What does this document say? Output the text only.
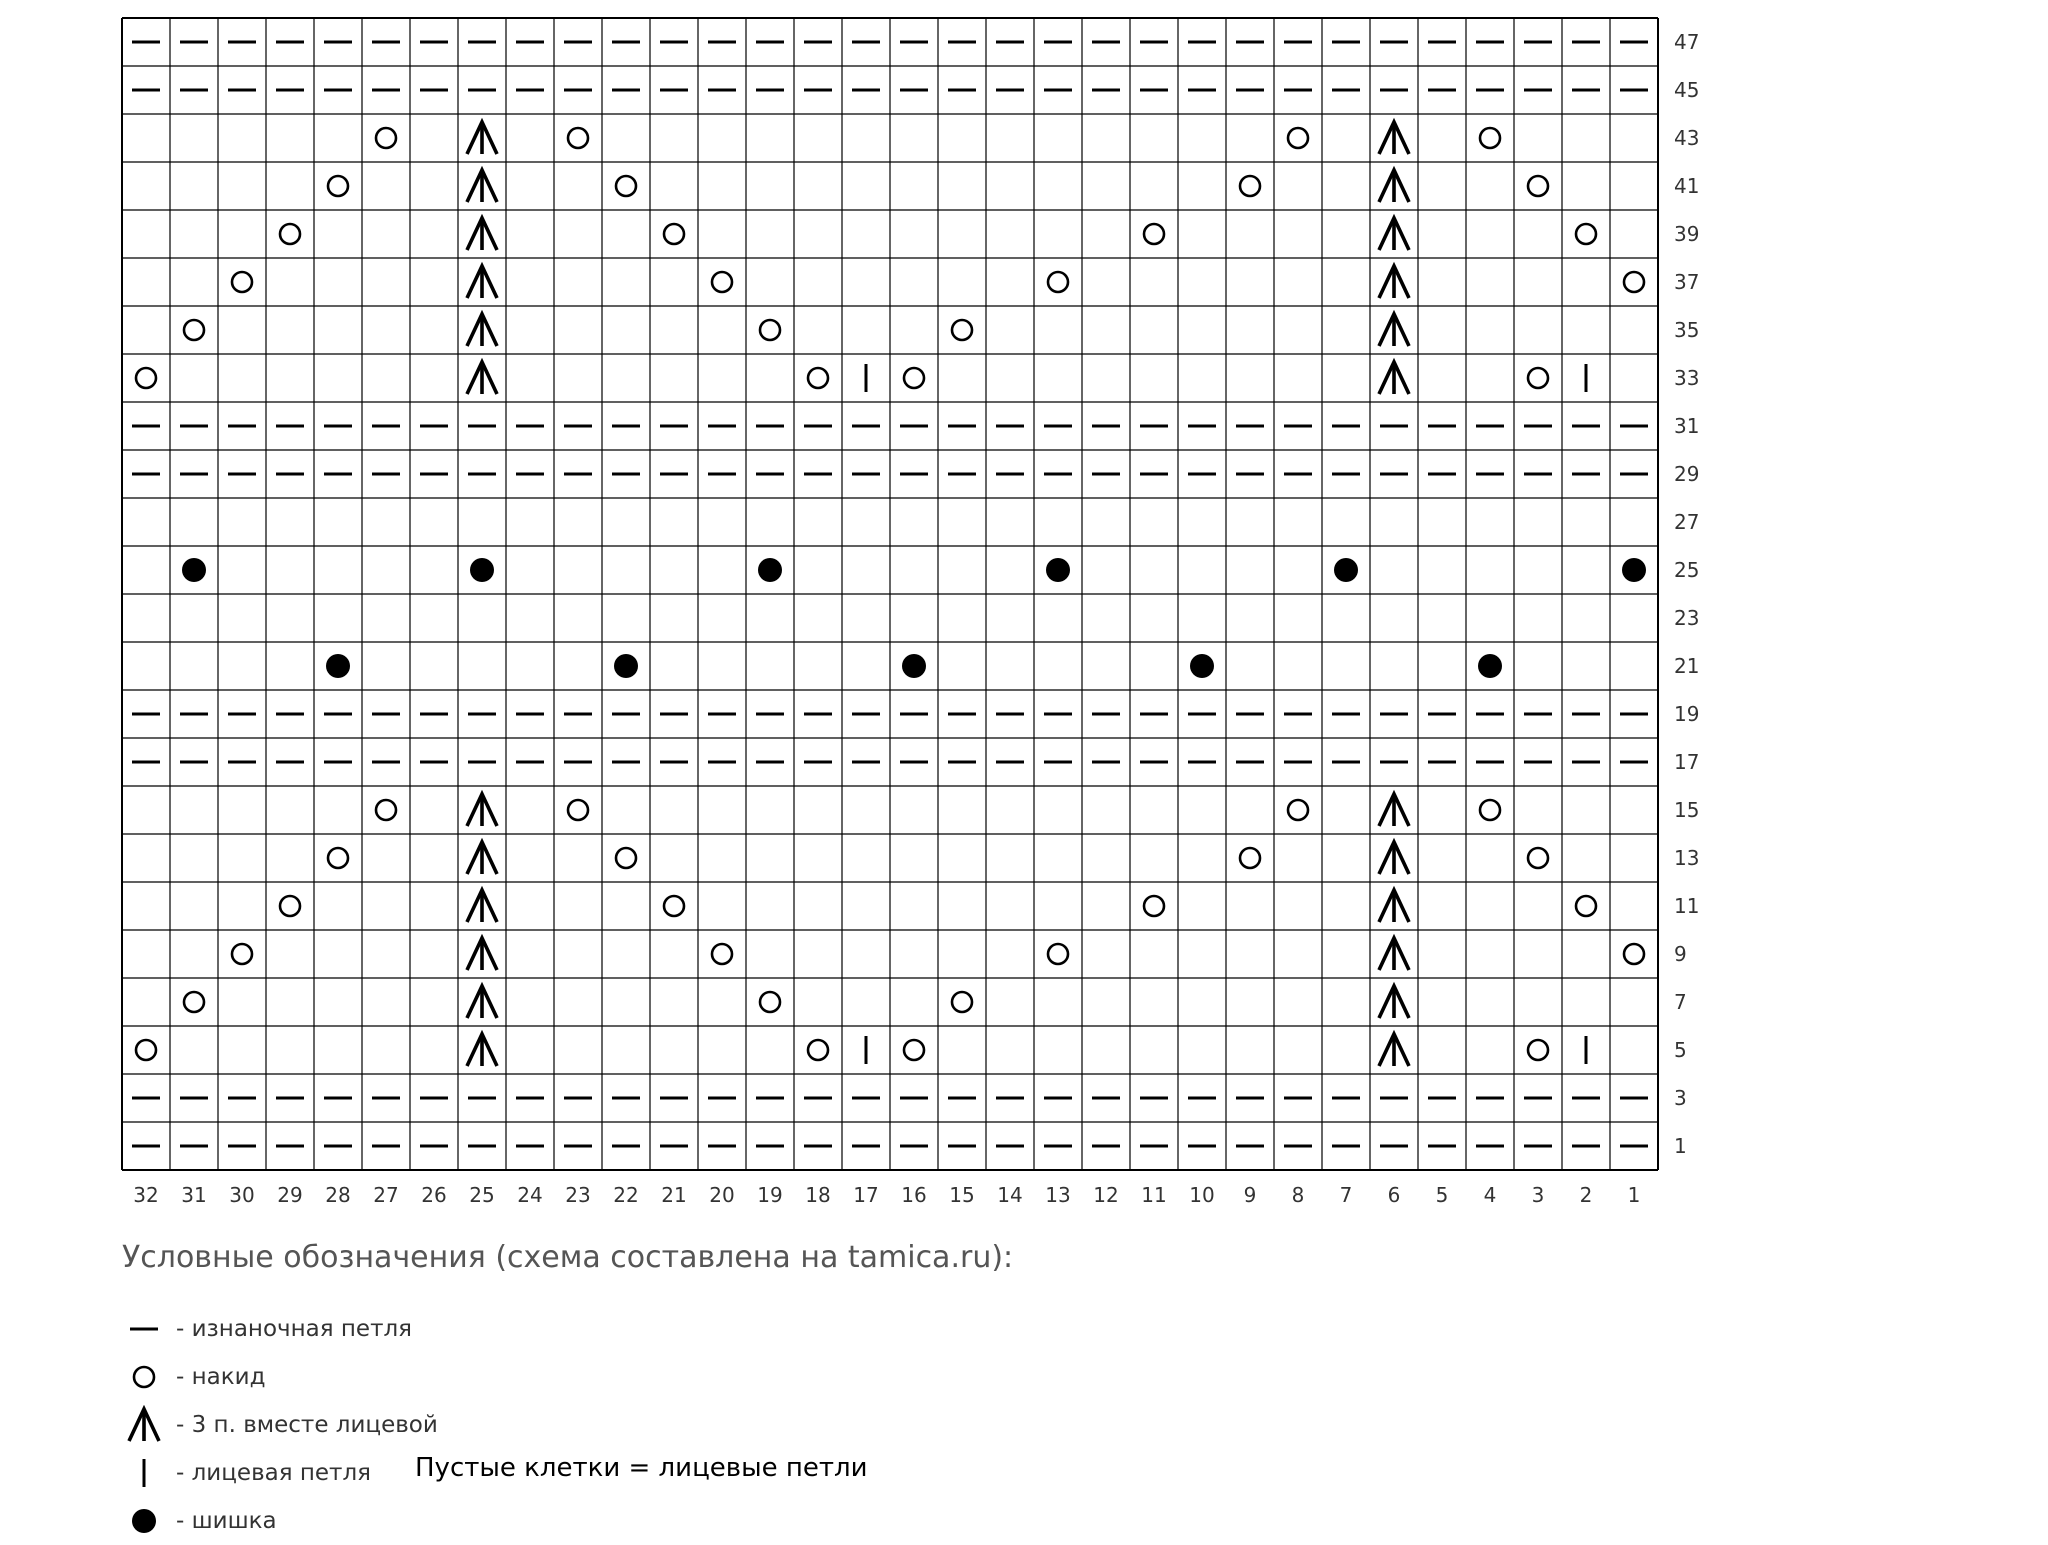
47
45
43
41
39
37
35
33
31
29
27
25
23
21
19
17
15
13
11
9
7
5
3
1
32 31 30 29 28 27 26 25 24 23 22 21 20 19 18 17 16 15 14 13 12 11 10 9 8 7 6 5 4 3 2 1
Условные обозначения (схема составлена на tamica.ru):
- изнаночная петля
- накид
- 3 п. вместе лицевой
- лицевая петля
- шишка
Пустые клетки = лицевые петли
